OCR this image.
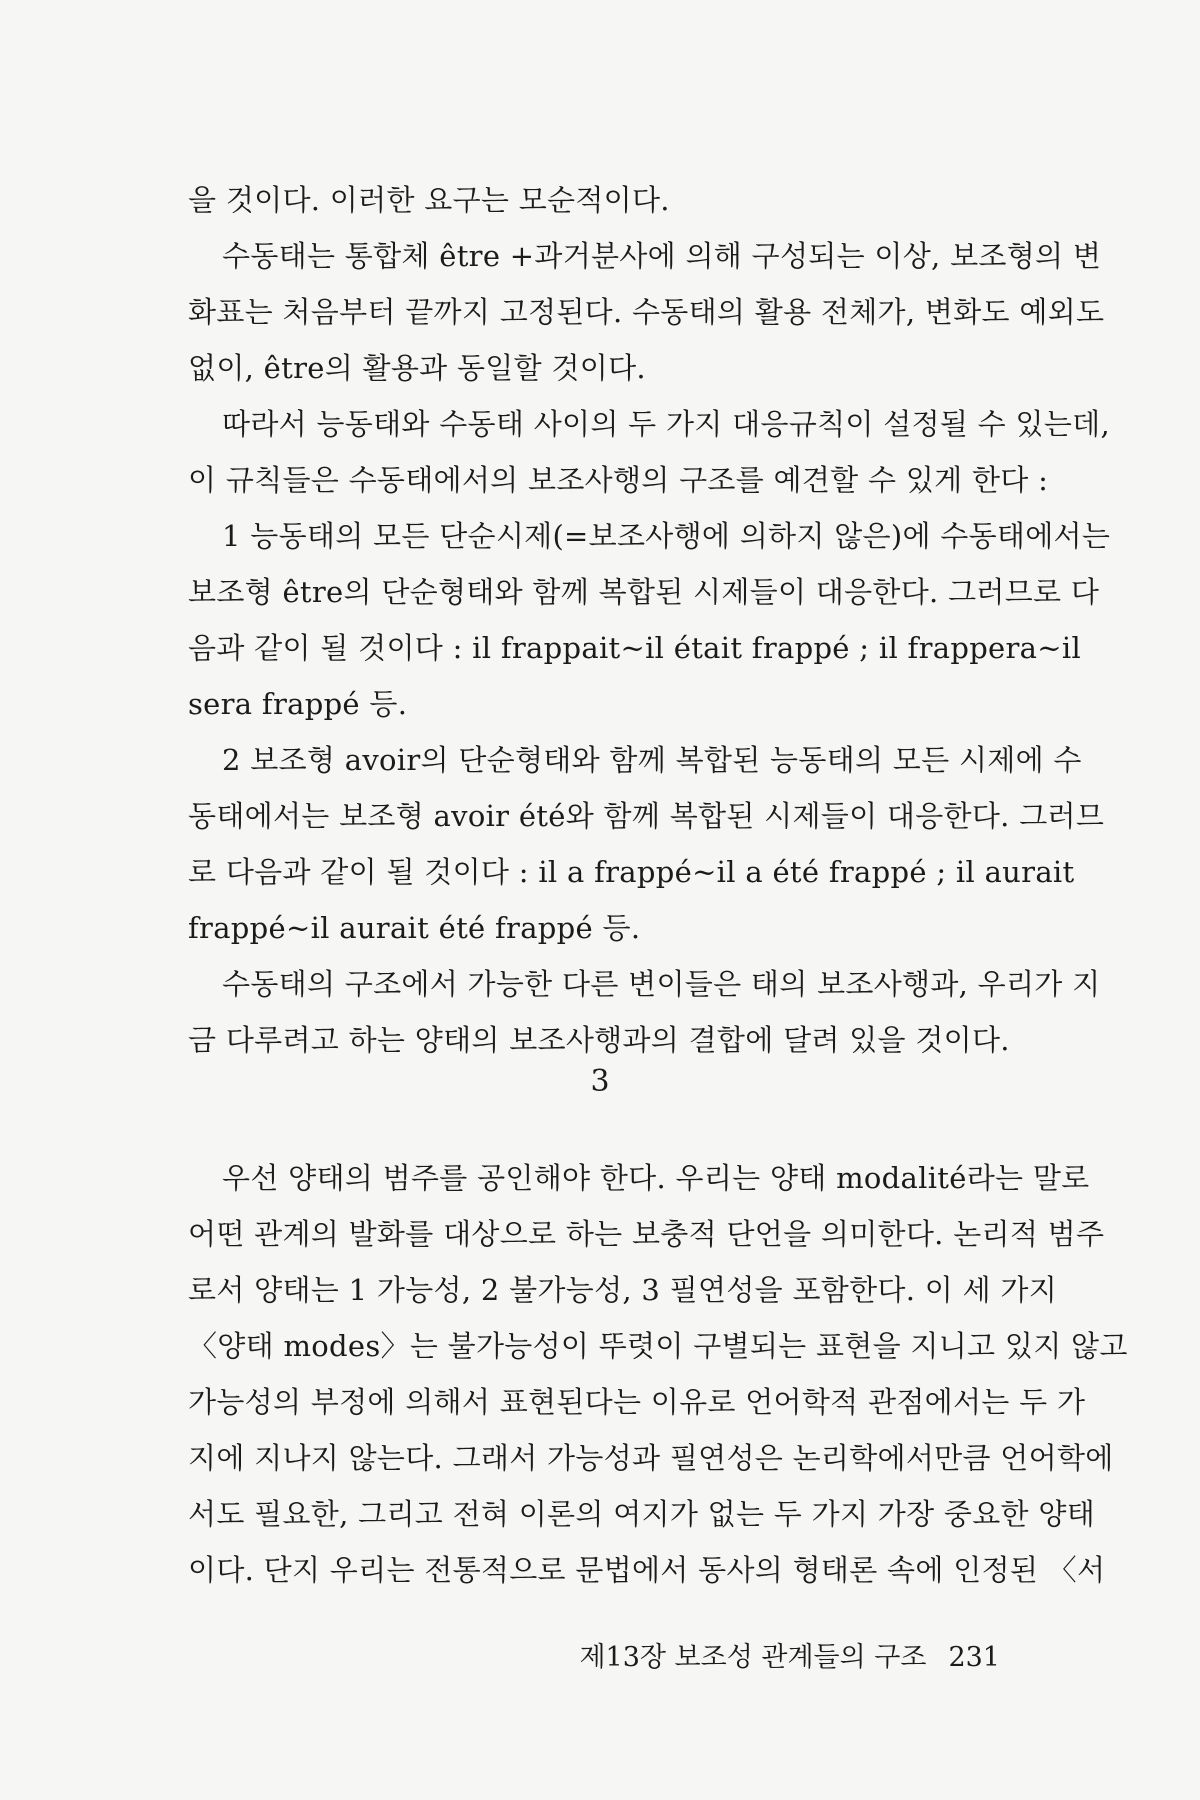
을 것이다. 이러한 요구는 모순적이다.
수동태는 통합체 être +과거분사에 의해 구성되는 이상, 보조형의 변
화표는 처음부터 끝까지 고정된다. 수동태의 활용 전체가, 변화도 예외도
없이, être의 활용과 동일할 것이다.
따라서 능동태와 수동태 사이의 두 가지 대응규칙이 설정될 수 있는데,
이 규칙들은 수동태에서의 보조사행의 구조를 예견할 수 있게 한다 :
1 능동태의 모든 단순시제(=보조사행에 의하지 않은)에 수동태에서는
보조형 être의 단순형태와 함께 복합된 시제들이 대응한다. 그러므로 다
음과 같이 될 것이다 : il frappait~il était frappé ; il frappera~il
sera frappé 등.
2 보조형 avoir의 단순형태와 함께 복합된 능동태의 모든 시제에 수
동태에서는 보조형 avoir été와 함께 복합된 시제들이 대응한다. 그러므
로 다음과 같이 될 것이다 : il a frappé~il a été frappé ; il aurait
frappé~il aurait été frappé 등.
수동태의 구조에서 가능한 다른 변이들은 태의 보조사행과, 우리가 지
금 다루려고 하는 양태의 보조사행과의 결합에 달려 있을 것이다.
3
우선 양태의 범주를 공인해야 한다. 우리는 양태 modalité라는 말로
어떤 관계의 발화를 대상으로 하는 보충적 단언을 의미한다. 논리적 범주
로서 양태는 1 가능성, 2 불가능성, 3 필연성을 포함한다. 이 세 가지
〈양태 modes〉는 불가능성이 뚜렷이 구별되는 표현을 지니고 있지 않고
가능성의 부정에 의해서 표현된다는 이유로 언어학적 관점에서는 두 가
지에 지나지 않는다. 그래서 가능성과 필연성은 논리학에서만큼 언어학에
서도 필요한, 그리고 전혀 이론의 여지가 없는 두 가지 가장 중요한 양태
이다. 단지 우리는 전통적으로 문법에서 동사의 형태론 속에 인정된 〈서
제13장 보조성 관계들의 구조 231
